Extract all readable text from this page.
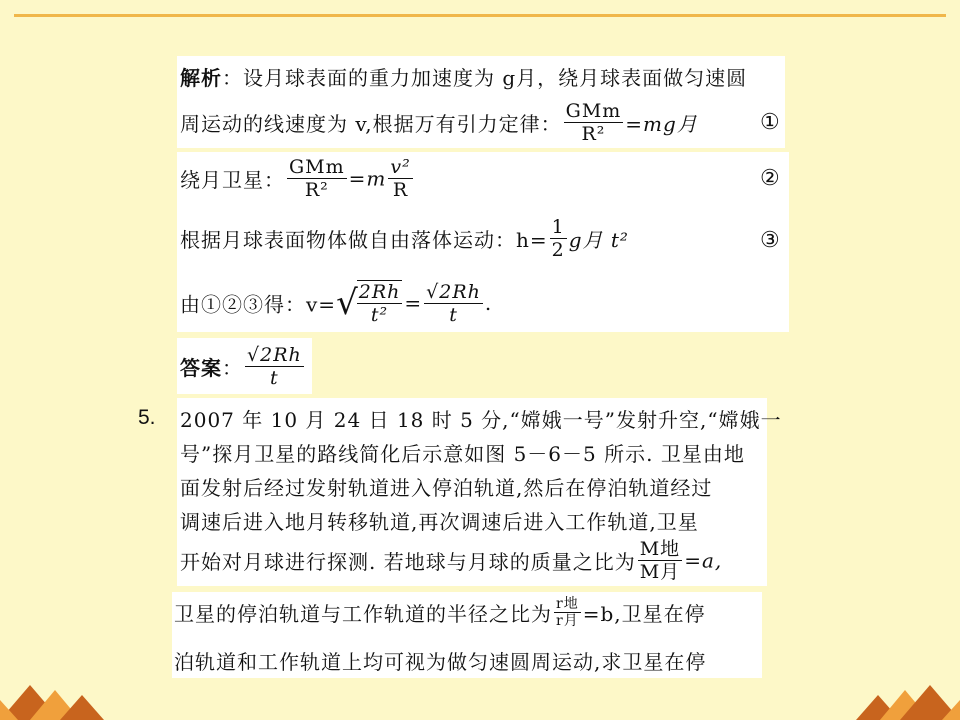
解析：设月球表面的重力加速度为 g月，绕月球表面做匀速圆
周运动的线速度为 v,根据万有引力定律： $\frac{\text{GMm}}{\text{R²}} =mg$月	①
绕月卫星： $\frac{\text{GMm}}{\text{R²}} =m \frac{\text{v²}}{R}$	②
根据月球表面物体做自由落体运动：$h= \frac{1}{2}$ g月 t²	③
由①②③得：v=√
$\frac{2Rh}{\text{t²}} = \frac{√2Rh}{t}$ .
答案： $\frac{√2Rh}{t}$
5. 2007 年 10 月 24 日 18 时 5 分,“嫦娥一号”发射升空,“嫦娥一
号”探月卫星的路线简化后示意如图 5－6－5 所示. 卫星由地
面发射后经过发射轨道进入停泊轨道,然后在停泊轨道经过
调速后进入地月转移轨道,再次调速后进入工作轨道,卫星
开始对月球进行探测. 若地球与月球的质量之比为 $\frac{\text{M地}}{\text{M月}} =a$,
卫星的停泊轨道与工作轨道的半径之比为 $\frac{\text{r地}}{\text{r月}} =b$,卫星在停
泊轨道和工作轨道上均可视为做匀速圆周运动,求卫星在停
